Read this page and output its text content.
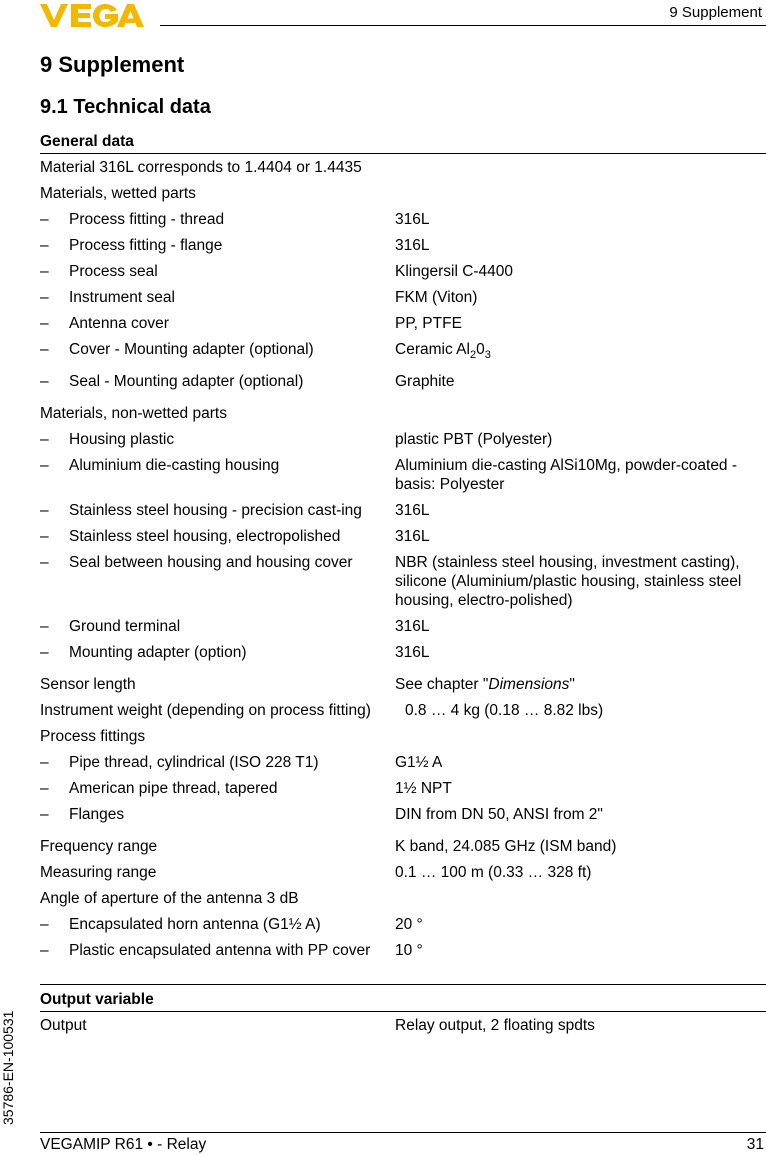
9 Supplement
35786-EN-100531
9 Supplement
9.1 Technical data
General data
Material 316L corresponds to 1.4404 or 1.4435
Materials, wetted parts
–	Process fitting - thread	316L
–	Process fitting - flange	316L
–	Process seal	Klingersil C-4400
–	Instrument seal	FKM (Viton)
–	Antenna cover	PP, PTFE
–	Cover - Mounting adapter (optional)	Ceramic $Al_20_3$
–	Seal - Mounting adapter (optional)	Graphite
Materials, non-wetted parts
–	Housing plastic	plastic PBT (Polyester)
–	Aluminium die-casting housing	Aluminium die-casting AlSi10Mg, powder-coated - basis: Polyester
–	Stainless steel housing - precision cast-ing	316L
–	Stainless steel housing, electropolished	316L
–	Seal between housing and housing cover	NBR (stainless steel housing, investment casting), silicone (Aluminium/plastic housing, stainless steel housing, electro-polished)
–	Ground terminal	316L
–	Mounting adapter (option)	316L
Sensor length	See chapter "Dimensions"
Instrument weight (depending on process fitting)	0.8 … 4 kg (0.18 … 8.82 lbs)
Process fittings
–	Pipe thread, cylindrical (ISO 228 T1)	G1½ A
–	American pipe thread, tapered	1½ NPT
–	Flanges	DIN from DN 50, ANSI from 2"
Frequency range	K band, 24.085 GHz (ISM band)
Measuring range	0.1 … 100 m (0.33 … 328 ft)
Angle of aperture of the antenna 3 dB
–	Encapsulated horn antenna (G1½ A)	20 °
–	Plastic encapsulated antenna with PP cover	10 °
Output variable
Output	Relay output, 2 floating spdts
VEGAMIP R61 • - Relay	31
